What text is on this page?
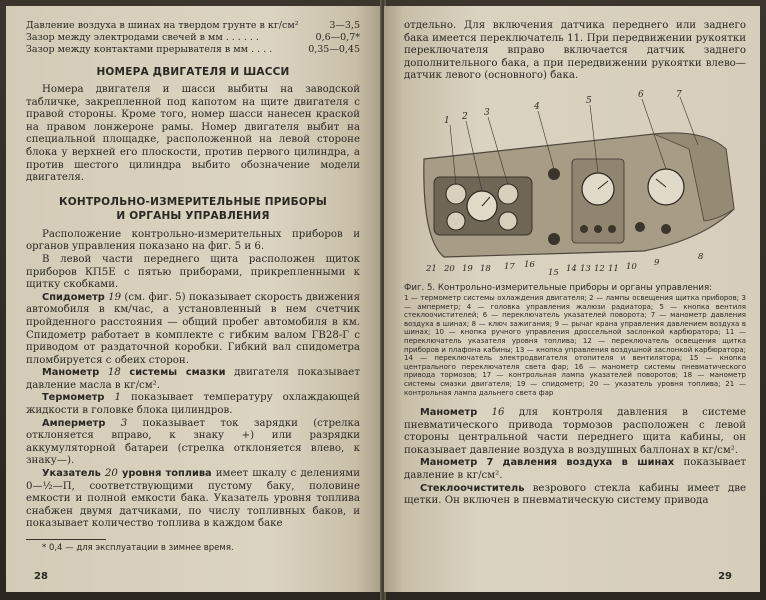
Давление воздуха в шинах на твердом грунте в кг/см²	3—3,5
Зазор между электродами свечей в мм . . . . . .	0,6—0,7*
Зазор между контактами прерывателя в мм . . . .	0,35—0,45
НОМЕРА ДВИГАТЕЛЯ И ШАССИ

Номера двигателя и шасси выбиты на заводской табличке, закрепленной под капотом на щите двигателя с правой стороны. Кроме того, номер шасси нанесен краской на правом лонжероне рамы. Номер двигателя выбит на специальной площадке, расположенной на левой стороне блока у верхней его плоскости, против первого цилиндра, а против шестого цилиндра выбито обозначение модели двигателя.

КОНТРОЛЬНО-ИЗМЕРИТЕЛЬНЫЕ ПРИБОРЫ
И ОРГАНЫ УПРАВЛЕНИЯ

Расположение контрольно-измерительных приборов и органов управления показано на фиг. 5 и 6.

В левой части переднего щита расположен щиток приборов КП5Е с пятью приборами, прикрепленными к щитку скобками.

Спидометр 19 (см. фиг. 5) показывает скорость движения автомобиля в км/час, а установленный в нем счетчик пройденного расстояния — общий пробег автомобиля в км. Спидометр работает в комплекте с гибким валом ГВ28-Г с приводом от раздаточной коробки. Гибкий вал спидометра пломбируется с обеих сторон.

Манометр 18 системы смазки двигателя показывает давление масла в кг/см².

Термометр 1 показывает температуру охлаждающей жидкости в головке блока цилиндров.

Амперметр 3 показывает ток зарядки (стрелка отклоняется вправо, к знаку +) или разрядки аккумуляторной батареи (стрелка отклоняется влево, к знаку—).

Указатель 20 уровня топлива имеет шкалу с делениями 0—½—П, соответствующими пустому баку, половине емкости и полной емкости бака. Указатель уровня топлива снабжен двумя датчиками, по числу топливных баков, и показывает количество топлива в каждом баке

* 0,4 — для эксплуатации в зимнее время.
28

отдельно. Для включения датчика переднего или заднего бака имеется переключатель 11. При передвижении рукоятки переключателя вправо включается датчик заднего дополнительного бака, а при передвижении рукоятки влево—датчик левого (основного) бака.

1 2 3
4
5
6	7
21 20 19 18 17 16
15 14 13 12 11 10 9
8
Фиг. 5. Контрольно-измерительные приборы и органы управления:
1 — термометр системы охлаждения двигателя; 2 — лампы освещения щитка приборов; 3 — амперметр; 4 — головка управления жалюзи радиатора; 5 — кнопка вентиля стеклоочистителей; 6 — переключатель указателей поворота; 7 — манометр давления воздуха в шинах; 8 — ключ зажигания; 9 — рычаг крана управления давлением воздуха в шинах; 10 — кнопка ручного управления дроссельной заслонкой карбюратора; 11 — переключатель указателя уровня топлива; 12 — переключатель освещения щитка приборов и плафона кабины; 13 — кнопка управления воздушной заслонкой карбюратора; 14 — переключатель электродвигателя отопителя и вентилятора; 15 — кнопка центрального переключателя света фар; 16 — манометр системы пневматического привода тормозов; 17 — контрольная лампа указателей поворотов; 18 — манометр системы смазки двигателя; 19 — спидометр; 20 — указатель уровня топлива; 21 — контрольная лампа дальнего света фар

Манометр 16 для контроля давления в системе пневматического привода тормозов расположен с левой стороны центральной части переднего щита кабины, он показывает давление воздуха в воздушных баллонах в кг/см².

Манометр 7 давления воздуха в шинах показывает давление в кг/см².

Стеклоочиститель вeзрового стекла кабины имеет две щетки. Он включен в пневматическую систему привода

29
